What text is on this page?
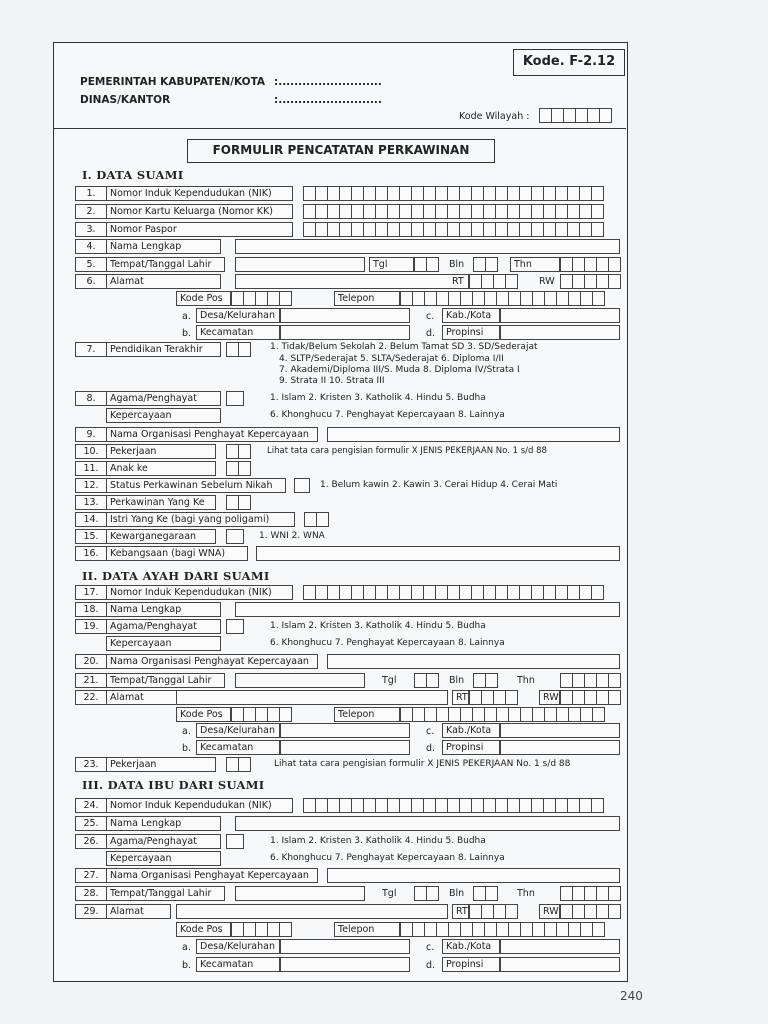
Kode. F-2.12
PEMERINTAH KABUPATEN/KOTA :..........................
DINAS/KANTOR	:..........................
Kode Wilayah :
FORMULIR PENCATATAN PERKAWINAN
I. DATA SUAMI
1.	Nomor Induk Kependudukan (NIK)
2.	Nomor Kartu Keluarga (Nomor KK)
3.	Nomor Paspor
4.	Nama Lengkap
5.	Tempat/Tanggal Lahir	Tgl	Bln	Thn
6.	Alamat	RT	RW
Kode Pos	Telepon
a. Desa/Kelurahan	c.	Kab./Kota
b. Kecamatan	d.	Propinsi
7.	Pendidikan Terakhir	1. Tidak/Belum Sekolah 2. Belum Tamat SD 3. SD/Sederajat
4. SLTP/Sederajat 5. SLTA/Sederajat 6. Diploma I/II
7. Akademi/Diploma III/S. Muda 8. Diploma IV/Strata I
9. Strata II 10. Strata III
8.	Agama/Penghayat	1. Islam 2. Kristen 3. Katholik 4. Hindu 5. Budha
Kepercayaan	6. Khonghucu 7. Penghayat Kepercayaan 8. Lainnya
9.	Nama Organisasi Penghayat Kepercayaan
10.	Pekerjaan	Lihat tata cara pengisian formulir X JENIS PEKERJAAN No. 1 s/d 88
11.	Anak ke
12.	Status Perkawinan Sebelum Nikah	1. Belum kawin 2. Kawin 3. Cerai Hidup 4. Cerai Mati
13.	Perkawinan Yang Ke
14.	Istri Yang Ke (bagi yang poligami)
15.	Kewarganegaraan	1. WNI 2. WNA
16.	Kebangsaan (bagi WNA)
II. DATA AYAH DARI SUAMI
17.	Nomor Induk Kependudukan (NIK)
18.	Nama Lengkap
19.	Agama/Penghayat	1. Islam 2. Kristen 3. Katholik 4. Hindu 5. Budha
Kepercayaan	6. Khonghucu 7. Penghayat Kepercayaan 8. Lainnya
20.	Nama Organisasi Penghayat Kepercayaan
21.	Tempat/Tanggal Lahir	Tgl	Bln	Thn
22.	Alamat	RT	RW
Kode Pos	Telepon
a. Desa/Kelurahan	c.	Kab./Kota
b. Kecamatan	d.	Propinsi
23.	Pekerjaan	Lihat tata cara pengisian formulir X JENIS PEKERJAAN No. 1 s/d 88
III. DATA IBU DARI SUAMI
24.	Nomor Induk Kependudukan (NIK)
25.	Nama Lengkap
26.	Agama/Penghayat	1. Islam 2. Kristen 3. Katholik 4. Hindu 5. Budha
Kepercayaan	6. Khonghucu 7. Penghayat Kepercayaan 8. Lainnya
27.	Nama Organisasi Penghayat Kepercayaan
28.	Tempat/Tanggal Lahir	Tgl	Bln	Thn
29.	Alamat	RT	RW
Kode Pos	Telepon
a. Desa/Kelurahan	c.	Kab./Kota
b. Kecamatan	d.	Propinsi
240
